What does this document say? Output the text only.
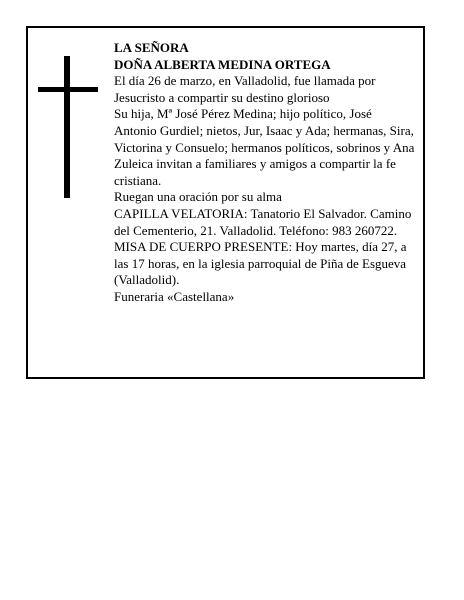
LA SEÑORA

DOÑA ALBERTA MEDINA ORTEGA

El día 26 de marzo, en Valladolid, fue llamada por Jesucristo a compartir su destino glorioso

Su hija, Mª José Pérez Medina; hijo político, José Antonio Gurdiel; nietos, Jur, Isaac y Ada; hermanas, Sira, Victorina y Consuelo; hermanos políticos, sobrinos y Ana Zuleica invitan a familiares y amigos a compartir la fe cristiana.

Ruegan una oración por su alma

CAPILLA VELATORIA: Tanatorio El Salvador. Camino del Cementerio, 21. Valladolid. Teléfono: 983 260722.

MISA DE CUERPO PRESENTE: Hoy martes, día 27, a las 17 horas, en la iglesia parroquial de Piña de Esgueva (Valladolid).

Funeraria «Castellana»
